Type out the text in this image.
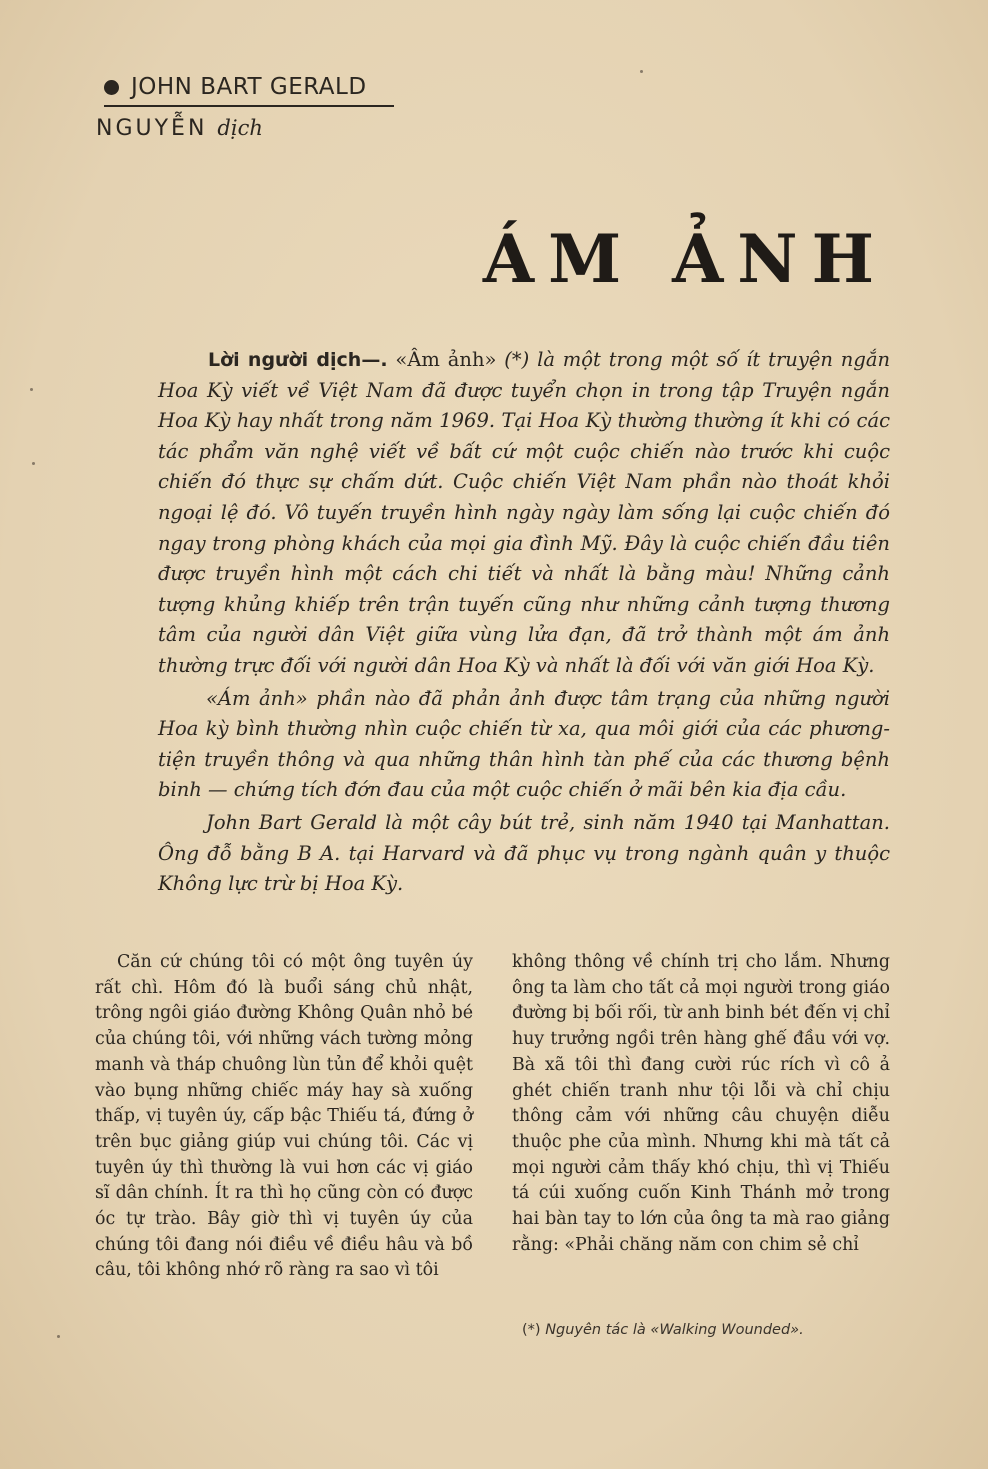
JOHN BART GERALD
NGUYỄN dịch
ÁM ẢNH

Lời người dịch—. «Âm ảnh» (*) là một trong một số ít truyện ngắn Hoa Kỳ viết về Việt Nam đã được tuyển chọn in trong tập Truyện ngắn Hoa Kỳ hay nhất trong năm 1969. Tại Hoa Kỳ thường thường ít khi có các tác phẩm văn nghệ viết về bất cứ một cuộc chiến nào trước khi cuộc chiến đó thực sự chấm dứt. Cuộc chiến Việt Nam phần nào thoát khỏi ngoại lệ đó. Vô tuyến truyền hình ngày ngày làm sống lại cuộc chiến đó ngay trong phòng khách của mọi gia đình Mỹ. Đây là cuộc chiến đầu tiên được truyền hình một cách chi tiết và nhất là bằng màu! Những cảnh tượng khủng khiếp trên trận tuyến cũng như những cảnh tượng thương tâm của người dân Việt giữa vùng lửa đạn, đã trở thành một ám ảnh thường trực đối với người dân Hoa Kỳ và nhất là đối với văn giới Hoa Kỳ.

«Ám ảnh» phần nào đã phản ảnh được tâm trạng của những người Hoa kỳ bình thường nhìn cuộc chiến từ xa, qua môi giới của các phương-tiện truyền thông và qua những thân hình tàn phế của các thương bệnh binh — chứng tích đớn đau của một cuộc chiến ở mãi bên kia địa cầu.

John Bart Gerald là một cây bút trẻ, sinh năm 1940 tại Manhattan. Ông đỗ bằng B A. tại Harvard và đã phục vụ trong ngành quân y thuộc Không lực trừ bị Hoa Kỳ.

Căn cứ chúng tôi có một ông tuyên úy rất chì. Hôm đó là buổi sáng chủ nhật, trông ngôi giáo đường Không Quân nhỏ bé của chúng tôi, với những vách tường mỏng manh và tháp chuông lùn tủn để khỏi quệt vào bụng những chiếc máy hay sà xuống thấp, vị tuyên úy, cấp bậc Thiếu tá, đứng ở trên bục giảng giúp vui chúng tôi. Các vị tuyên úy thì thường là vui hơn các vị giáo sĩ dân chính. Ít ra thì họ cũng còn có được óc tự trào. Bây giờ thì vị tuyên úy của chúng tôi đang nói điều về điều hâu và bồ câu, tôi không nhớ rõ ràng ra sao vì tôi

không thông về chính trị cho lắm. Nhưng ông ta làm cho tất cả mọi người trong giáo đường bị bối rối, từ anh binh bét đến vị chỉ huy trưởng ngồi trên hàng ghế đầu với vợ. Bà xã tôi thì đang cười rúc rích vì cô ả ghét chiến tranh như tội lỗi và chỉ chịu thông cảm với những câu chuyện diễu thuộc phe của mình. Nhưng khi mà tất cả mọi người cảm thấy khó chịu, thì vị Thiếu tá cúi xuống cuốn Kinh Thánh mở trong hai bàn tay to lớn của ông ta mà rao giảng rằng: «Phải chăng năm con chim sẻ chỉ

(*) Nguyên tác là «Walking Wounded».
